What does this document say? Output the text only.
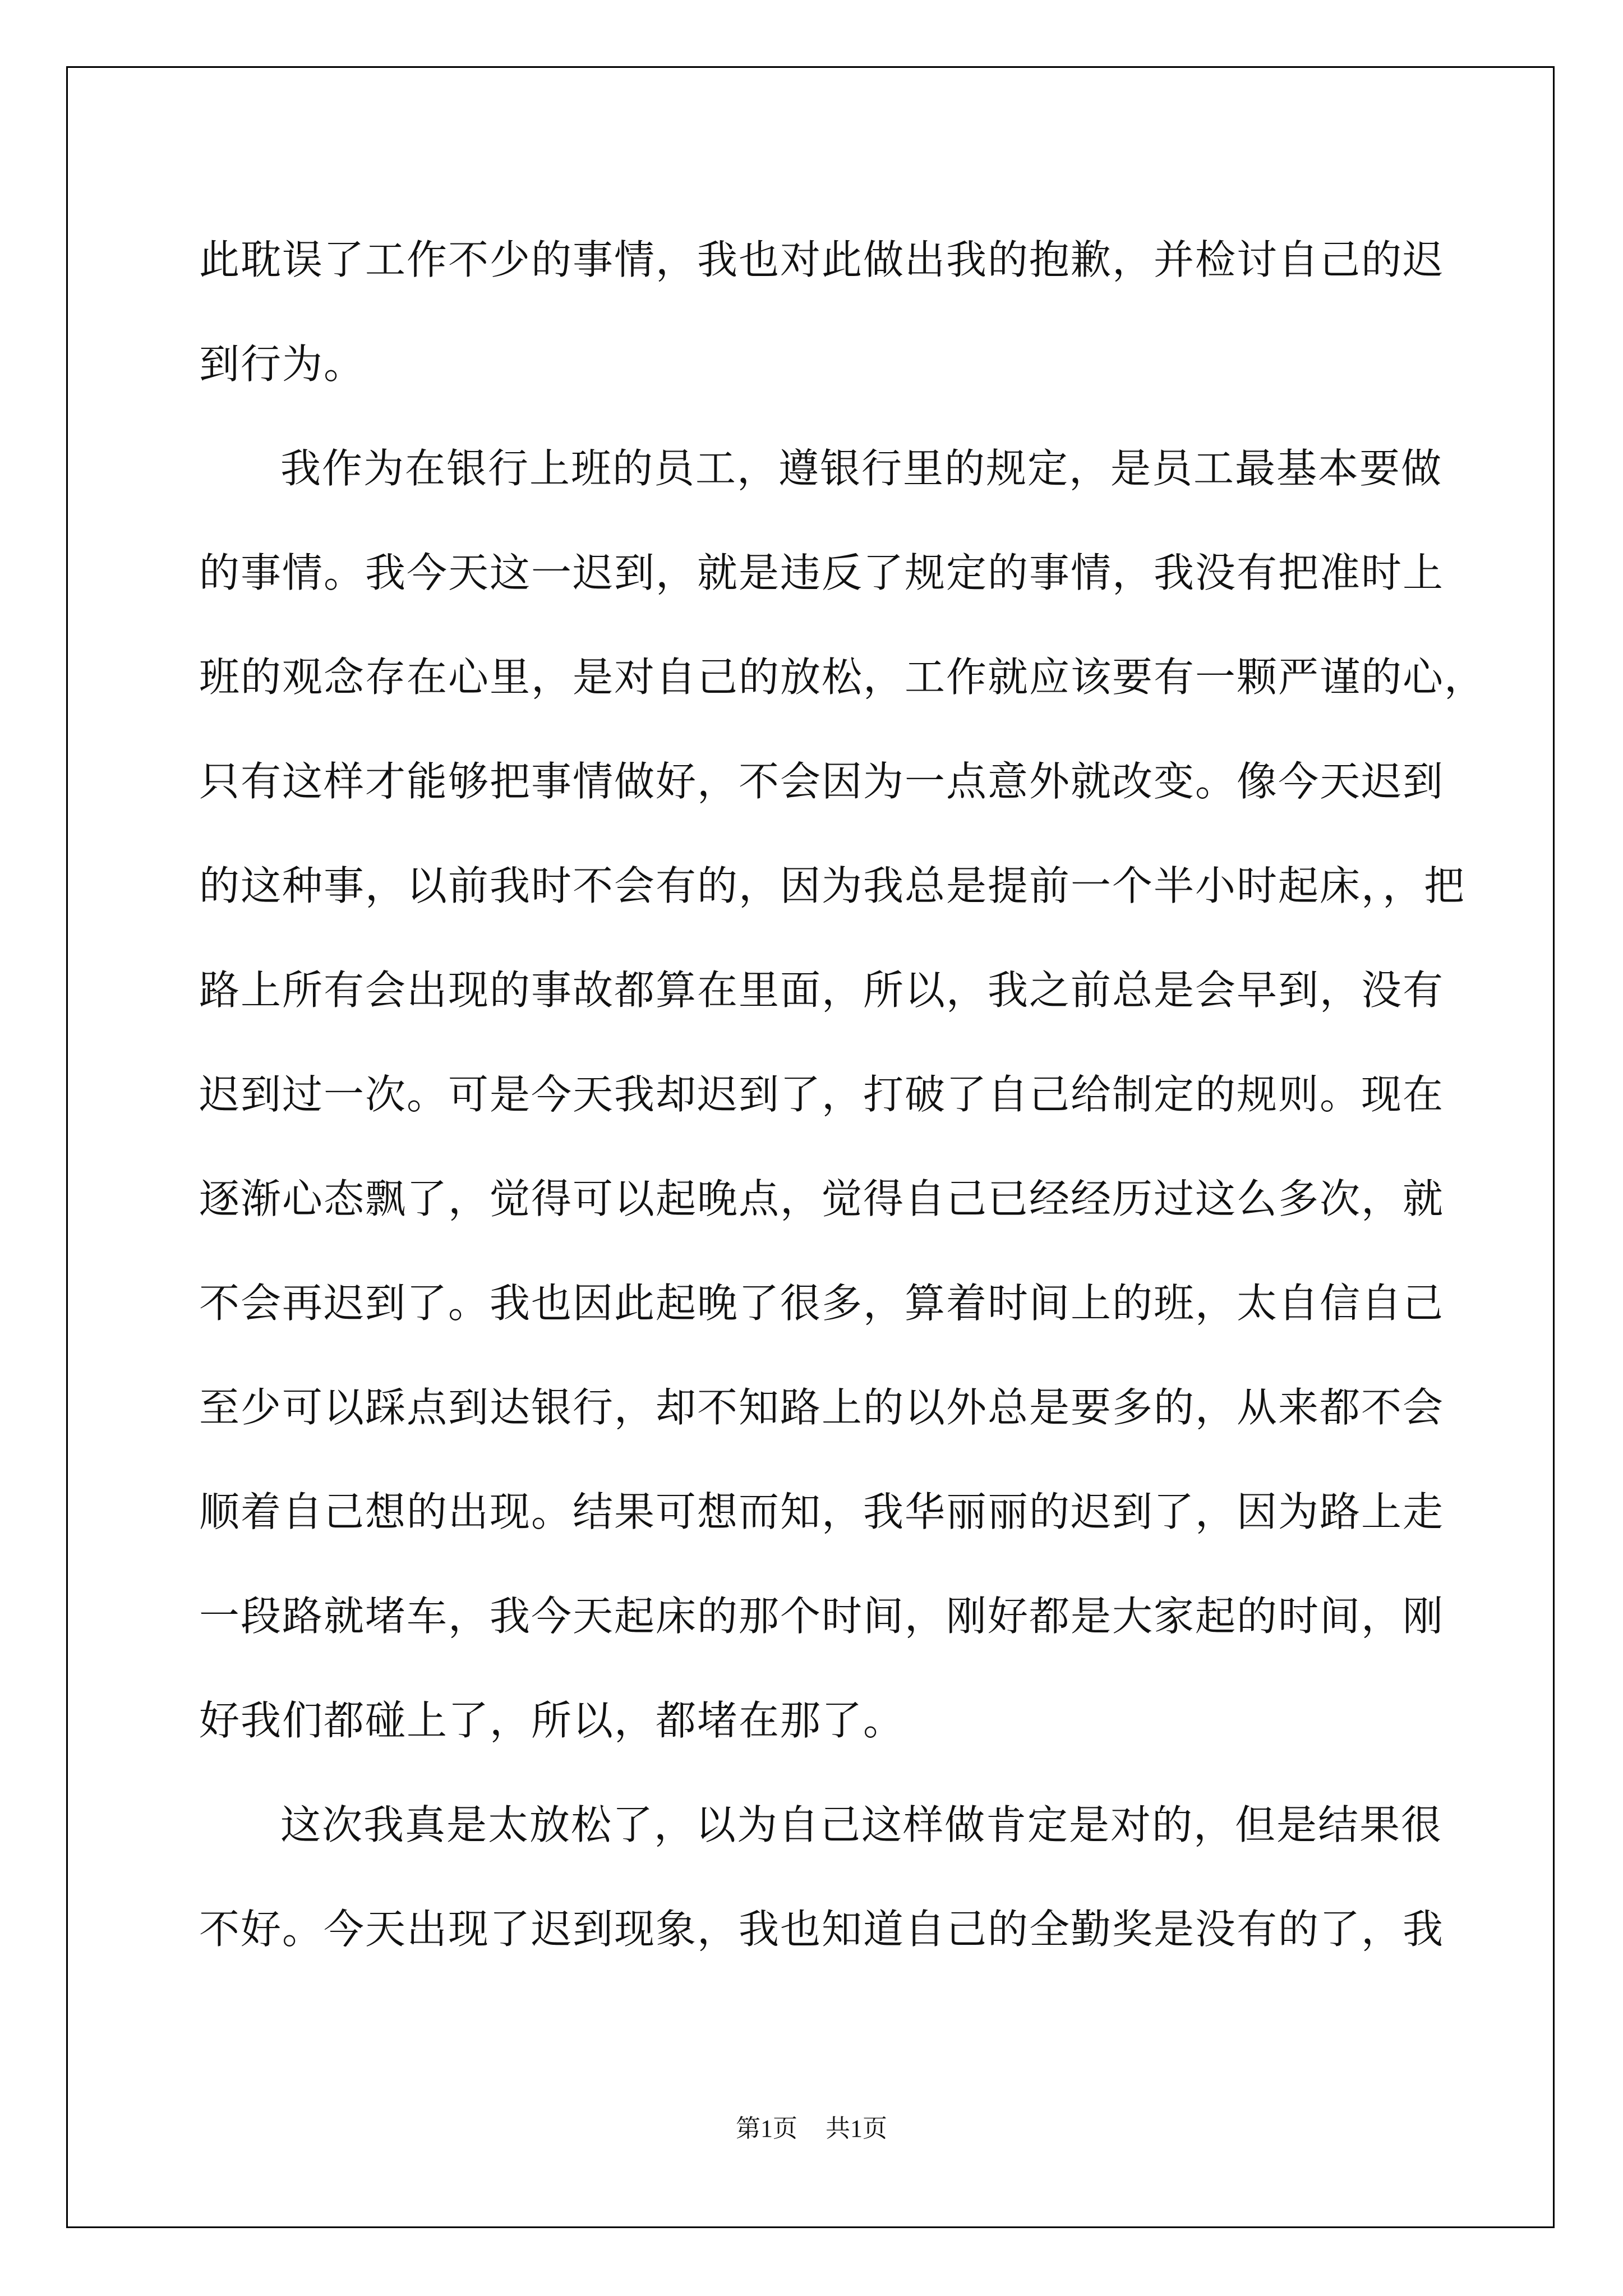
此耽误了工作不少的事情，我也对此做出我的抱歉，并检讨自己的迟
到行为。
我作为在银行上班的员工，遵银行里的规定，是员工最基本要做
的事情。我今天这一迟到，就是违反了规定的事情，我没有把准时上
班的观念存在心里，是对自己的放松，工作就应该要有一颗严谨的心，
只有这样才能够把事情做好，不会因为一点意外就改变。像今天迟到
的这种事，以前我时不会有的，因为我总是提前一个半小时起床，，把
路上所有会出现的事故都算在里面，所以，我之前总是会早到，没有
迟到过一次。可是今天我却迟到了，打破了自己给制定的规则。现在
逐渐心态飘了，觉得可以起晚点，觉得自己已经经历过这么多次，就
不会再迟到了。我也因此起晚了很多，算着时间上的班，太自信自己
至少可以踩点到达银行，却不知路上的以外总是要多的，从来都不会
顺着自己想的出现。结果可想而知，我华丽丽的迟到了，因为路上走
一段路就堵车，我今天起床的那个时间，刚好都是大家起的时间，刚
好我们都碰上了，所以，都堵在那了。
这次我真是太放松了，以为自己这样做肯定是对的，但是结果很
不好。今天出现了迟到现象，我也知道自己的全勤奖是没有的了，我
第1页 共1页
